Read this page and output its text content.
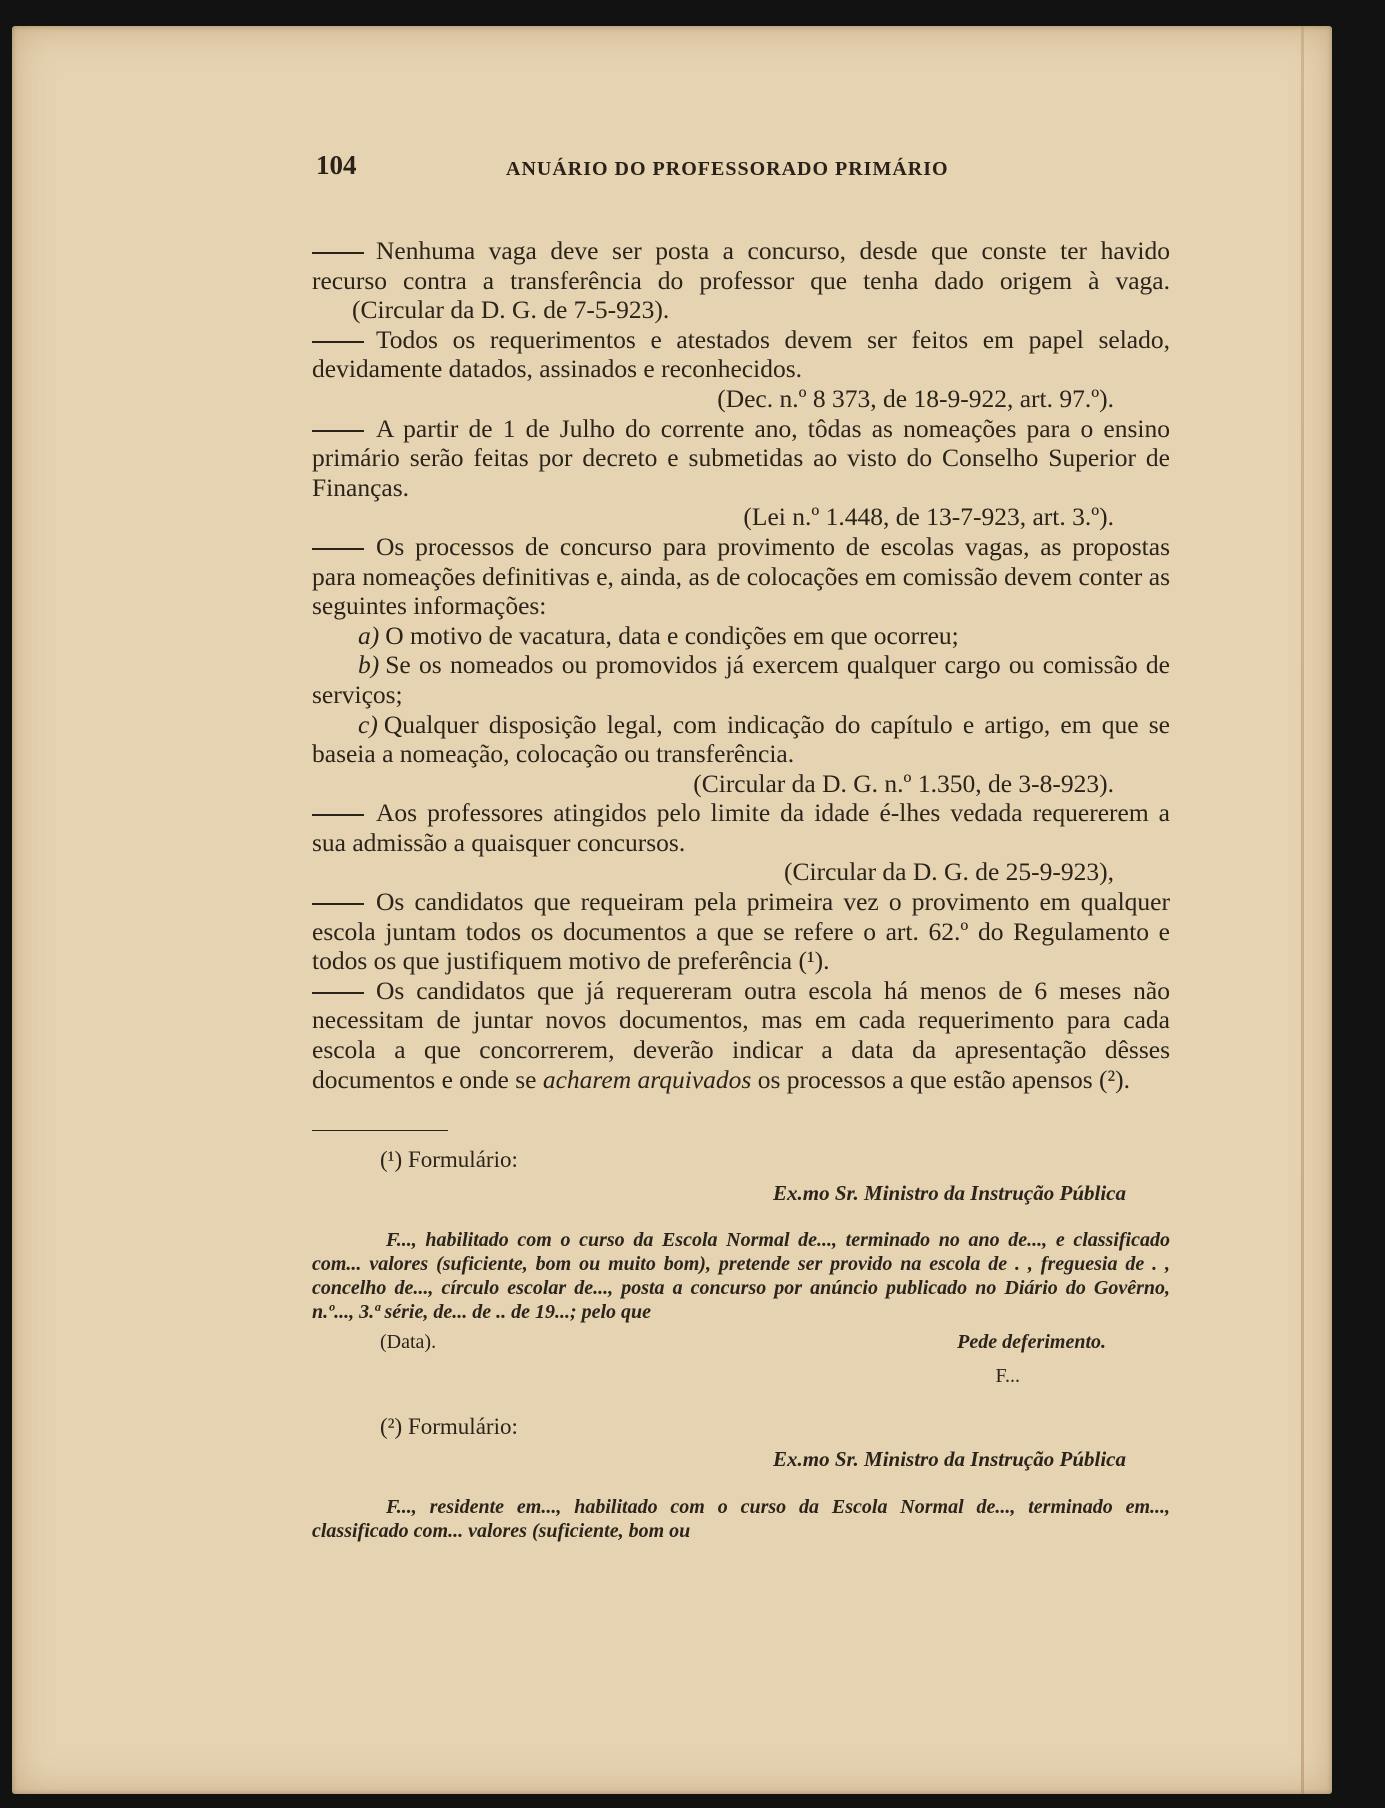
104	ANUÁRIO DO PROFESSORADO PRIMÁRIO

Nenhuma vaga deve ser posta a concurso, desde que conste ter havido recurso contra a transferência do professor que tenha dado origem à vaga. (Circular da D. G. de 7-5-923).

Todos os requerimentos e atestados devem ser feitos em papel selado, devidamente datados, assinados e reconhecidos.

(Dec. n.º 8 373, de 18-9-922, art. 97.º).

A partir de 1 de Julho do corrente ano, tôdas as nomeações para o ensino primário serão feitas por decreto e submetidas ao visto do Conselho Superior de Finanças.

(Lei n.º 1.448, de 13-7-923, art. 3.º).

Os processos de concurso para provimento de escolas vagas, as propostas para nomeações definitivas e, ainda, as de colocações em comissão devem conter as seguintes informações:

a) O motivo de vacatura, data e condições em que ocorreu;

b) Se os nomeados ou promovidos já exercem qualquer cargo ou comissão de serviços;

c) Qualquer disposição legal, com indicação do capítulo e artigo, em que se baseia a nomeação, colocação ou transferência.

(Circular da D. G. n.º 1.350, de 3-8-923).

Aos professores atingidos pelo limite da idade é-lhes vedada requererem a sua admissão a quaisquer concursos.

(Circular da D. G. de 25-9-923),

Os candidatos que requeiram pela primeira vez o provimento em qualquer escola juntam todos os documentos a que se refere o art. 62.º do Regulamento e todos os que justifiquem motivo de preferência (¹).

Os candidatos que já requereram outra escola há menos de 6 meses não necessitam de juntar novos documentos, mas em cada requerimento para cada escola a que concorrerem, deverão indicar a data da apresentação dêsses documentos e onde se acharem arquivados os processos a que estão apensos (²).

(¹) Formulário:

Ex.mo Sr. Ministro da Instrução Pública

F..., habilitado com o curso da Escola Normal de..., terminado no ano de..., e classificado com... valores (suficiente, bom ou muito bom), pretende ser provido na escola de . , freguesia de . , concelho de..., círculo escolar de..., posta a concurso por anúncio publicado no Diário do Govêrno, n.º..., 3.ª série, de... de .. de 19...; pelo que

(Data).	Pede deferimento.

F...

(²) Formulário:

Ex.mo Sr. Ministro da Instrução Pública

F..., residente em..., habilitado com o curso da Escola Normal de..., terminado em..., classificado com... valores (suficiente, bom ou
